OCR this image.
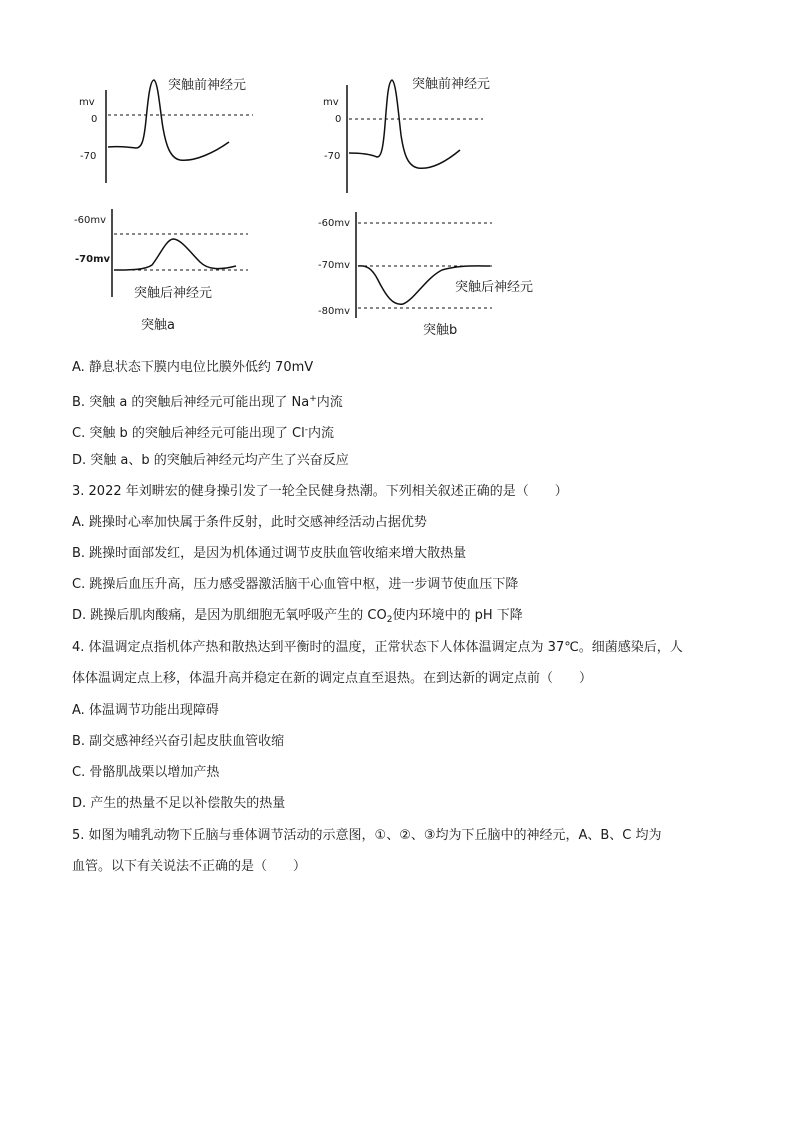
突触前神经元
mv
0
-70
突触前神经元
mv
0
-70
-60mv
-70mv
突触后神经元
突触a
-60mv
-70mv
-80mv
突触后神经元
突触b
A. 静息状态下膜内电位比膜外低约 70mV
B. 突触 a 的突触后神经元可能出现了 Na+内流
C. 突触 b 的突触后神经元可能出现了 Cl-内流
D. 突触 a、b 的突触后神经元均产生了兴奋反应
3. 2022 年刘畊宏的健身操引发了一轮全民健身热潮。下列相关叙述正确的是（　　）
A. 跳操时心率加快属于条件反射，此时交感神经活动占据优势
B. 跳操时面部发红，是因为机体通过调节皮肤血管收缩来增大散热量
C. 跳操后血压升高，压力感受器激活脑干心血管中枢，进一步调节使血压下降
D. 跳操后肌肉酸痛，是因为肌细胞无氧呼吸产生的 $CO_2$使内环境中的 pH 下降
4. 体温调定点指机体产热和散热达到平衡时的温度，正常状态下人体体温调定点为 37℃。细菌感染后，人
体体温调定点上移，体温升高并稳定在新的调定点直至退热。在到达新的调定点前（　　）
A. 体温调节功能出现障碍
B. 副交感神经兴奋引起皮肤血管收缩
C. 骨骼肌战栗以增加产热
D. 产生的热量不足以补偿散失的热量
5. 如图为哺乳动物下丘脑与垂体调节活动的示意图，①、②、③均为下丘脑中的神经元，A、B、C 均为
血管。以下有关说法不正确的是（　　）
